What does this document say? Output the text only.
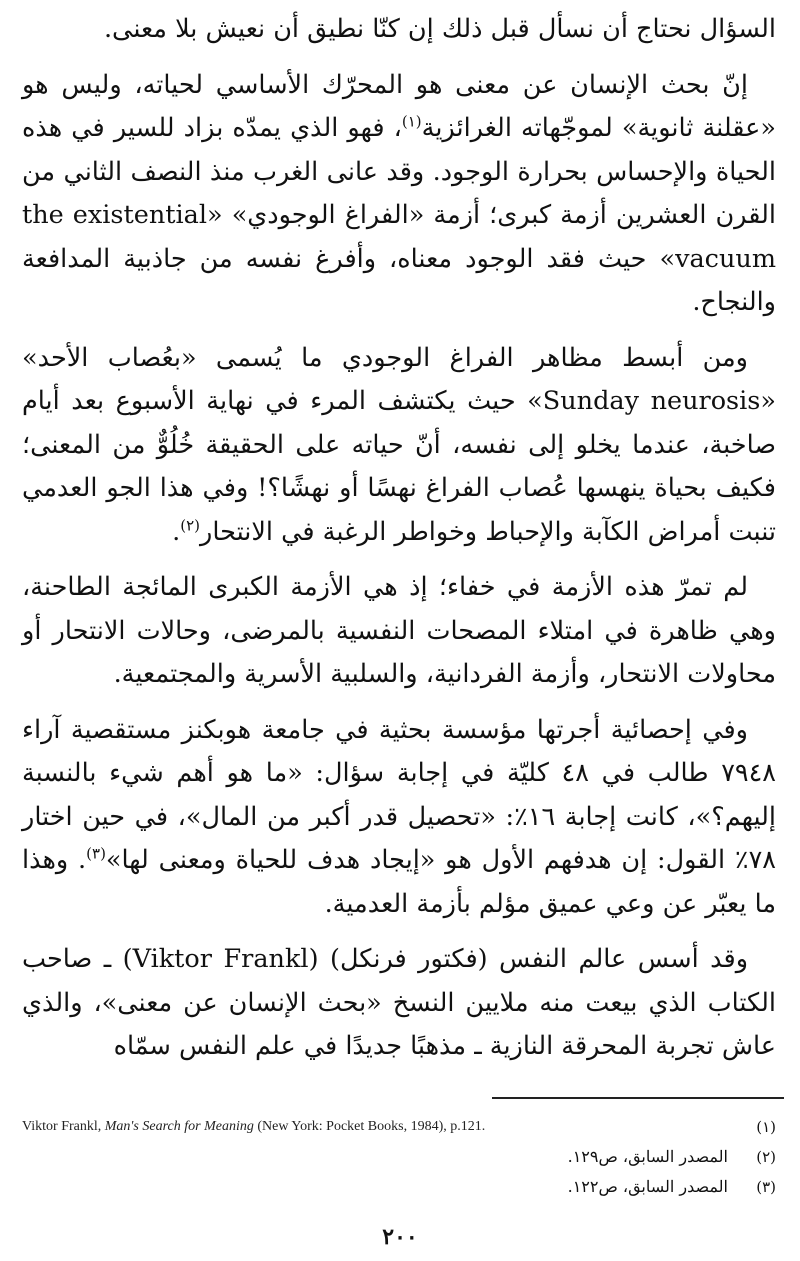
السؤال نحتاج أن نسأل قبل ذلك إن كنّا نطيق أن نعيش بلا معنى.

إنّ بحث الإنسان عن معنى هو المحرّك الأساسي لحياته، وليس هو «عقلنة ثانوية» لموجّهاته الغرائزية$^{(١)}$، فهو الذي يمدّه بزاد للسير في هذه الحياة والإحساس بحرارة الوجود. وقد عانى الغرب منذ النصف الثاني من القرن العشرين أزمة كبرى؛ أزمة «الفراغ الوجودي» «the existential vacuum» حيث فقد الوجود معناه، وأفرغ نفسه من جاذبية المدافعة والنجاح.

ومن أبسط مظاهر الفراغ الوجودي ما يُسمى «بعُصاب الأحد» «Sunday neurosis» حيث يكتشف المرء في نهاية الأسبوع بعد أيام صاخبة، عندما يخلو إلى نفسه، أنّ حياته على الحقيقة خُلُوٌّ من المعنى؛ فكيف بحياة ينهسها عُصاب الفراغ نهسًا أو نهشًا؟! وفي هذا الجو العدمي تنبت أمراض الكآبة والإحباط وخواطر الرغبة في الانتحار$^{(٢)}$.

لم تمرّ هذه الأزمة في خفاء؛ إذ هي الأزمة الكبرى المائجة الطاحنة، وهي ظاهرة في امتلاء المصحات النفسية بالمرضى، وحالات الانتحار أو محاولات الانتحار، وأزمة الفردانية، والسلبية الأسرية والمجتمعية.

وفي إحصائية أجرتها مؤسسة بحثية في جامعة هوبكنز مستقصية آراء ٧٩٤٨ طالب في ٤٨ كليّة في إجابة سؤال: «ما هو أهم شيء بالنسبة إليهم؟»، كانت إجابة ١٦٪: «تحصيل قدر أكبر من المال»، في حين اختار ٧٨٪ القول: إن هدفهم الأول هو «إيجاد هدف للحياة ومعنى لها»$^{(٣)}$. وهذا ما يعبّر عن وعي عميق مؤلم بأزمة العدمية.

وقد أسس عالم النفس (فكتور فرنكل) (Viktor Frankl) ـ صاحب الكتاب الذي بيعت منه ملايين النسخ «بحث الإنسان عن معنى»، والذي عاش تجربة المحرقة النازية ـ مذهبًا جديدًا في علم النفس سمّاه

(١)
Viktor Frankl, Man's Search for Meaning (New York: Pocket Books, 1984), p.121.
(٢)
المصدر السابق، ص١٢٩.
(٣)
المصدر السابق، ص١٢٢.
٢٠٠
